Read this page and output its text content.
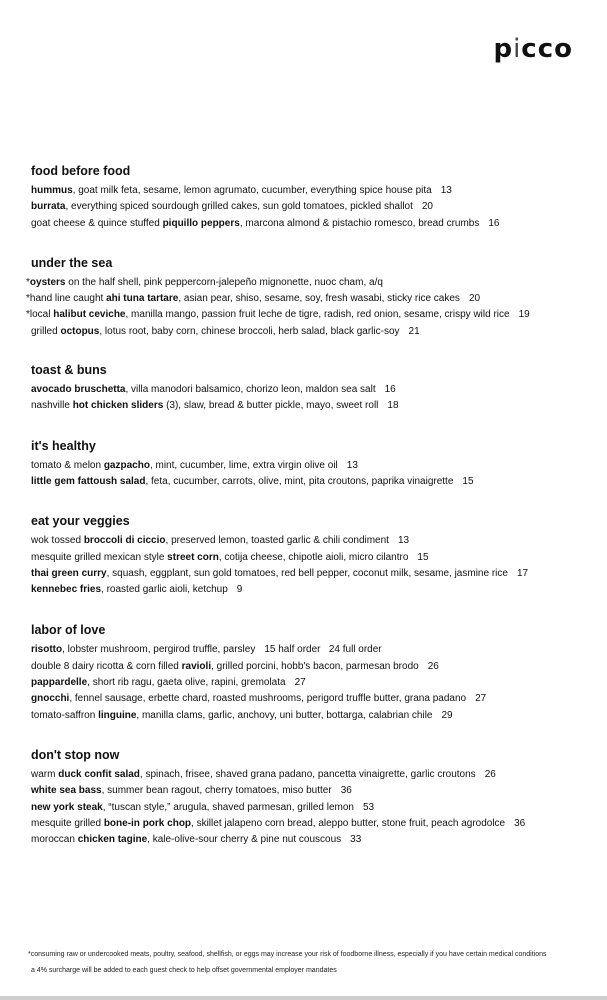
picco
food before food
hummus, goat milk feta, sesame, lemon agrumato, cucumber, everything spice house pita 13
burrata, everything spiced sourdough grilled cakes, sun gold tomatoes, pickled shallot 20
goat cheese & quince stuffed piquillo peppers, marcona almond & pistachio romesco, bread crumbs 16
under the sea
*oysters on the half shell, pink peppercorn-jalepeño mignonette, nuoc cham, a/q
*hand line caught ahi tuna tartare, asian pear, shiso, sesame, soy, fresh wasabi, sticky rice cakes 20
*local halibut ceviche, manilla mango, passion fruit leche de tigre, radish, red onion, sesame, crispy wild rice 19
grilled octopus, lotus root, baby corn, chinese broccoli, herb salad, black garlic-soy 21
toast & buns
avocado bruschetta, villa manodori balsamico, chorizo leon, maldon sea salt 16
nashville hot chicken sliders (3), slaw, bread & butter pickle, mayo, sweet roll 18
it's healthy
tomato & melon gazpacho, mint, cucumber, lime, extra virgin olive oil 13
little gem fattoush salad, feta, cucumber, carrots, olive, mint, pita croutons, paprika vinaigrette 15
eat your veggies
wok tossed broccoli di ciccio, preserved lemon, toasted garlic & chili condiment 13
mesquite grilled mexican style street corn, cotija cheese, chipotle aioli, micro cilantro 15
thai green curry, squash, eggplant, sun gold tomatoes, red bell pepper, coconut milk, sesame, jasmine rice 17
kennebec fries, roasted garlic aioli, ketchup 9
labor of love
risotto, lobster mushroom, pergirod truffle, parsley 15 half order   24 full order
double 8 dairy ricotta & corn filled ravioli, grilled porcini, hobb's bacon, parmesan brodo 26
pappardelle, short rib ragu, gaeta olive, rapini, gremolata 27
gnocchi, fennel sausage, erbette chard, roasted mushrooms, perigord truffle butter, grana padano 27
tomato-saffron linguine, manilla clams, garlic, anchovy, uni butter, bottarga, calabrian chile 29
don't stop now
warm duck confit salad, spinach, frisee, shaved grana padano, pancetta vinaigrette, garlic croutons 26
white sea bass, summer bean ragout, cherry tomatoes, miso butter 36
new york steak, “tuscan style,” arugula, shaved parmesan, grilled lemon 53
mesquite grilled bone-in pork chop, skillet jalapeno corn bread, aleppo butter, stone fruit, peach agrodolce 36
moroccan chicken tagine, kale-olive-sour cherry & pine nut couscous 33
*consuming raw or undercooked meats, poultry, seafood, shellfish, or eggs may increase your risk of foodborne illness, especially if you have certain medical conditions
a 4% surcharge will be added to each guest check to help offset governmental employer mandates
